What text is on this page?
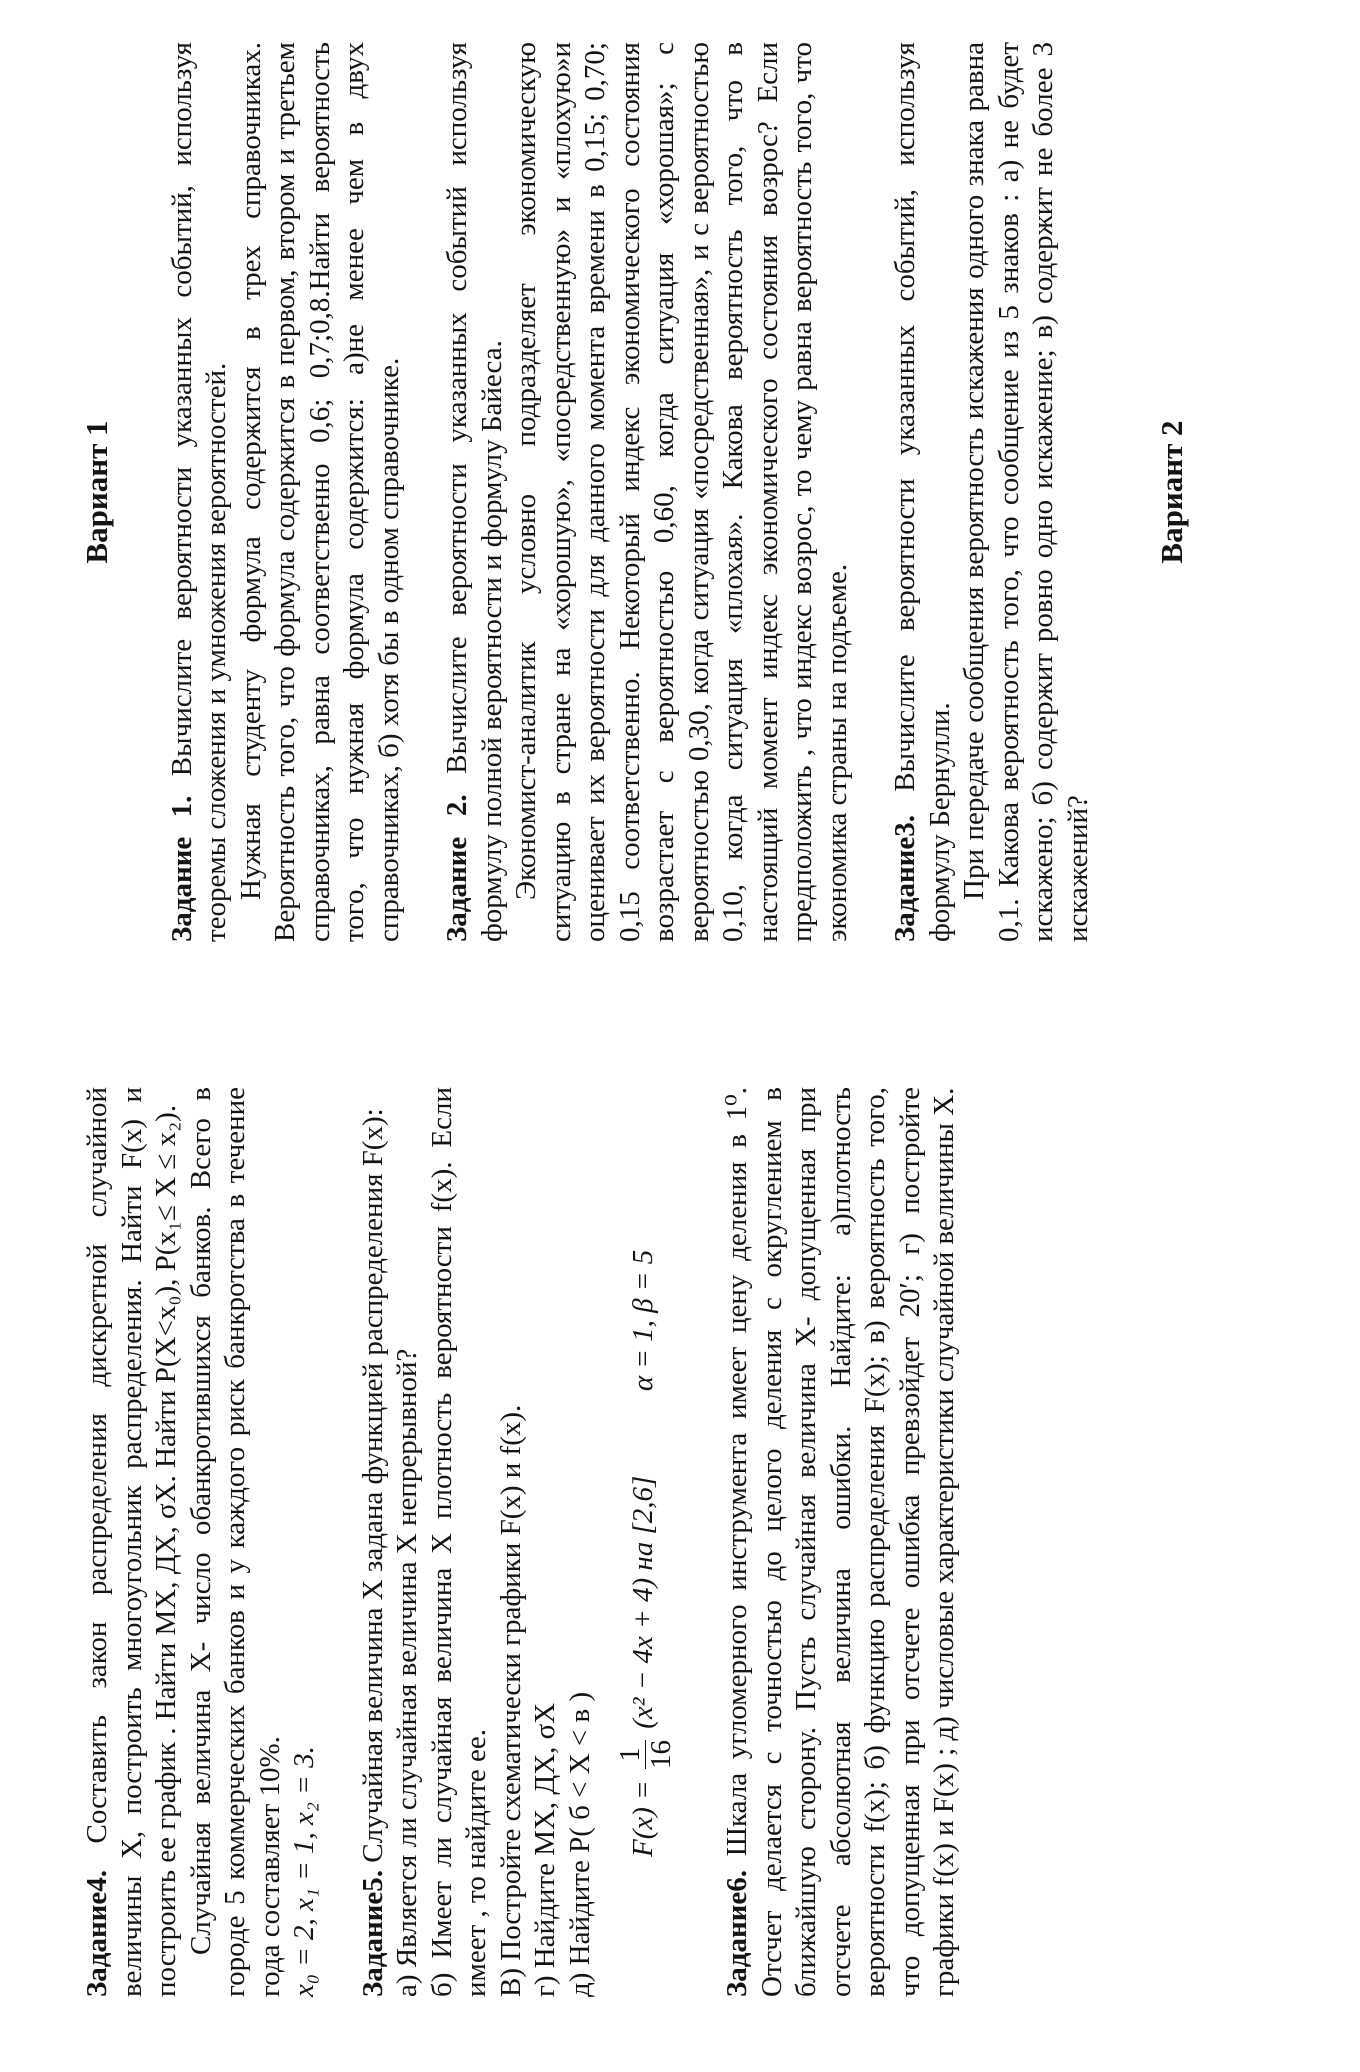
Задание4. Составить закон распределения дискретной случайной величины X, построить многоугольник распределения. Найти F(x) и построить ее график . Найти MX, ДХ, σX. Найти P(X<x₀), P(x₁≤ X ≤ x₂). Случайная величина X- число обанкротившихся банков. Всего в городе 5 коммерческих банков и у каждого риск банкротства в течение года составляет 10%. x₀ = 2, x₁ = 1, x₂ = 3. Задание5. Случайная величина X задана функцией распределения F(x): а) Является ли случайная величина X непрерывной? б) Имеет ли случайная величина X плотность вероятности f(x). Если имеет , то найдите ее. В) Постройте схематически графики F(x) и f(x). г) Найдите MX, ДХ, σX д) Найдите P( б < X < в )	F(x) =
1 16
(x² − 4x + 4) на [2,6]  α = 1, β = 5

Задание6. Шкала угломерного инструмента имеет цену деления в 1⁰. Отсчет делается с точностью до целого деления с округлением в ближайшую сторону. Пусть случайная величина X- допущенная при отсчете абсолютная величина ошибки. Найдите: а)плотность вероятности f(x); б) функцию распределения F(x); в) вероятность того, что допущенная при отсчете ошибка превзойдет 20′; г) постройте графики f(x) и F(x) ; д) числовые характеристики случайной величины X.

Вариант 1

Задание 1. Вычислите вероятности указанных событий, используя теоремы сложения и умножения вероятностей. Нужная студенту формула содержится в трех справочниках. Вероятность того, что формула содержится в первом, втором и третьем справочниках, равна соответственно 0,6; 0,7;0,8.Найти вероятность того, что нужная формула содержится: а)не менее чем в двух справочниках, б) хотя бы в одном справочнике. Задание 2. Вычислите вероятности указанных событий используя формулу полной вероятности и формулу Байеса. Экономист-аналитик условно подразделяет экономическую ситуацию в стране на «хорошую», «посредственную» и «плохую»и оценивает их вероятности для данного момента времени в 0,15; 0,70; 0,15 соответственно. Некоторый индекс экономического состояния возрастает с вероятностью 0,60, когда ситуация «хорошая»; с вероятностью 0,30, когда ситуация «посредственная», и с вероятностью 0,10, когда ситуация «плохая». Какова вероятность того, что в настоящий момент индекс экономического состояния возрос? Если предположить , что индекс возрос, то чему равна вероятность того, что экономика страны на подъеме. Задание3. Вычислите вероятности указанных событий, используя формулу Бернулли. При передаче сообщения вероятность искажения одного знака равна 0,1. Какова вероятность того, что сообщение из 5 знаков : а) не будет искажено; б) содержит ровно одно искажение; в) содержит не более 3 искажений?

Вариант 2
